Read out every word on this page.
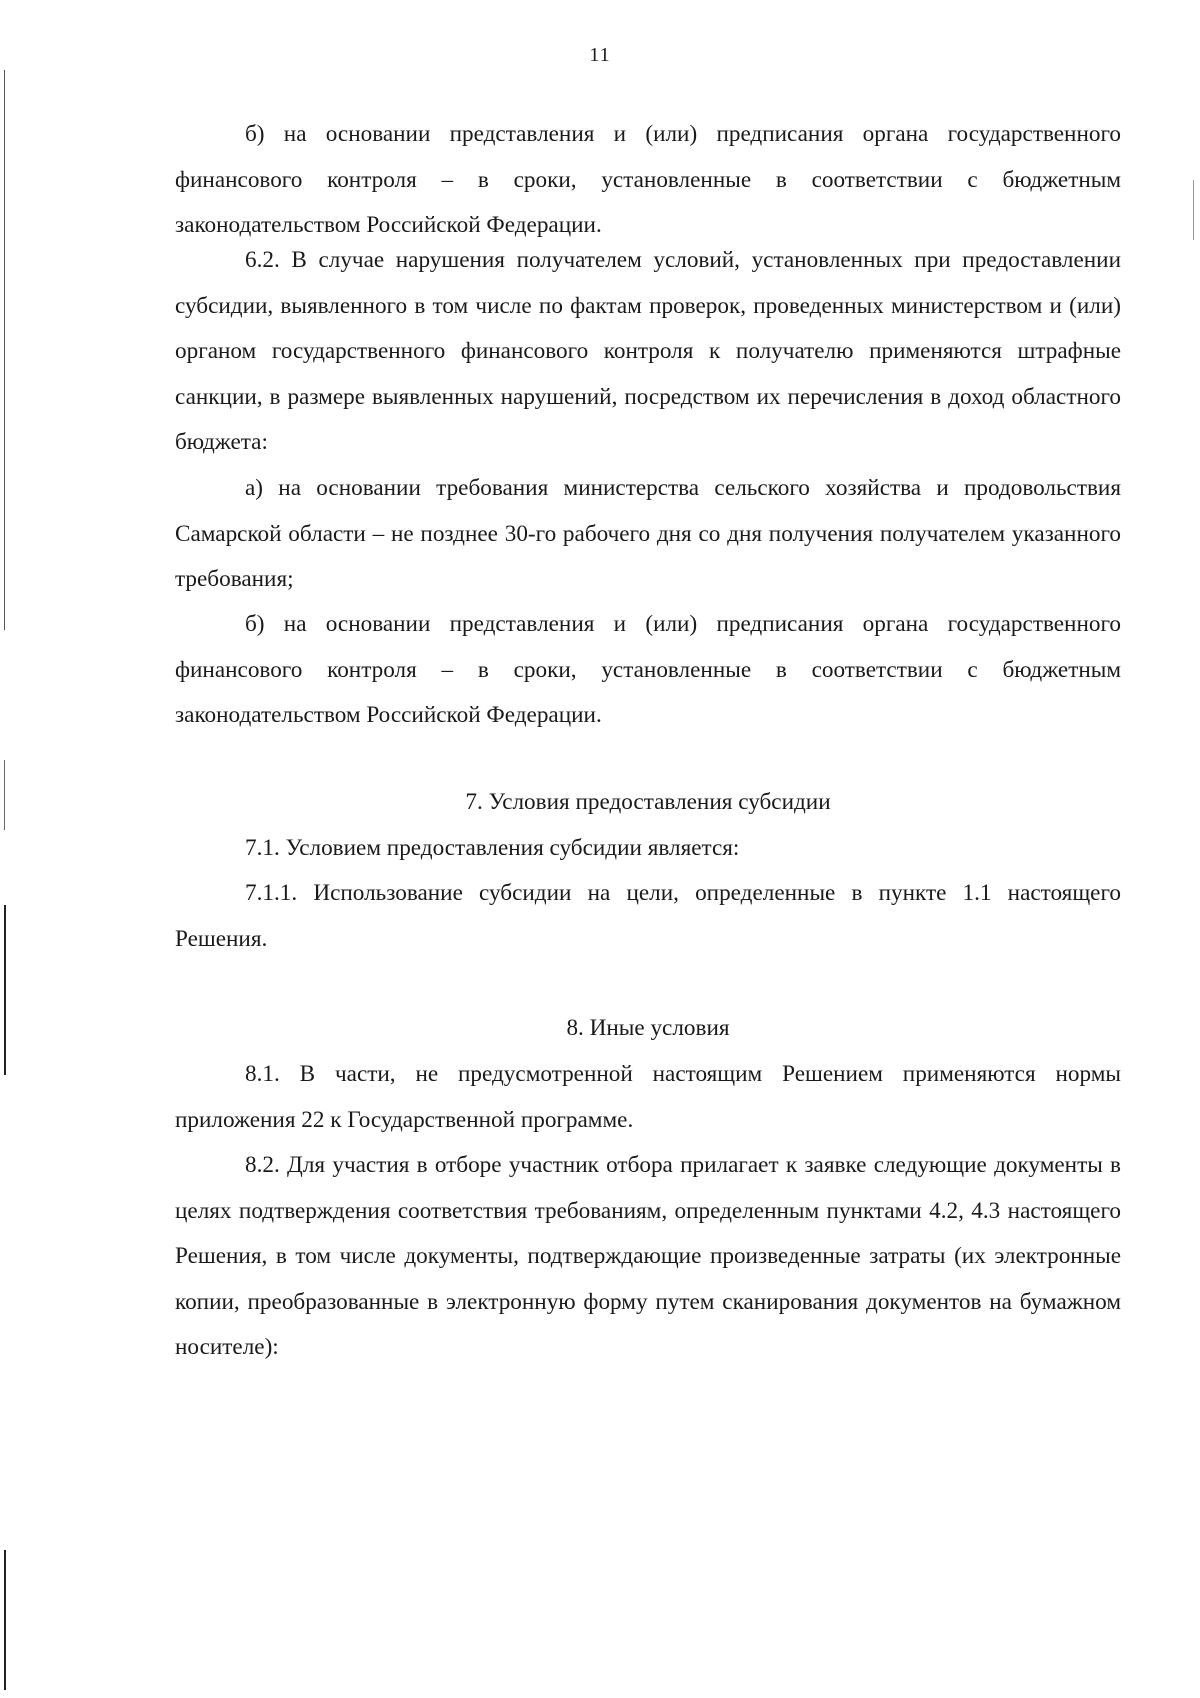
11

б) на основании представления и (или) предписания органа государственного финансового контроля – в сроки, установленные в соответствии с бюджетным законодательством Российской Федерации.

6.2. В случае нарушения получателем условий, установленных при предоставлении субсидии, выявленного в том числе по фактам проверок, проведенных министерством и (или) органом государственного финансового контроля к получателю применяются штрафные санкции, в размере выявленных нарушений, посредством их перечисления в доход областного бюджета:

а) на основании требования министерства сельского хозяйства и продовольствия Самарской области – не позднее 30-го рабочего дня со дня получения получателем указанного требования;

б) на основании представления и (или) предписания органа государственного финансового контроля – в сроки, установленные в соответствии с бюджетным законодательством Российской Федерации.

7. Условия предоставления субсидии

7.1. Условием предоставления субсидии является:

7.1.1. Использование субсидии на цели, определенные в пункте 1.1 настоящего Решения.

8. Иные условия

8.1. В части, не предусмотренной настоящим Решением применяются нормы приложения 22 к Государственной программе.

8.2. Для участия в отборе участник отбора прилагает к заявке следующие документы в целях подтверждения соответствия требованиям, определенным пунктами 4.2, 4.3 настоящего Решения, в том числе документы, подтверждающие произведенные затраты (их электронные копии, преобразованные в электронную форму путем сканирования документов на бумажном носителе):
